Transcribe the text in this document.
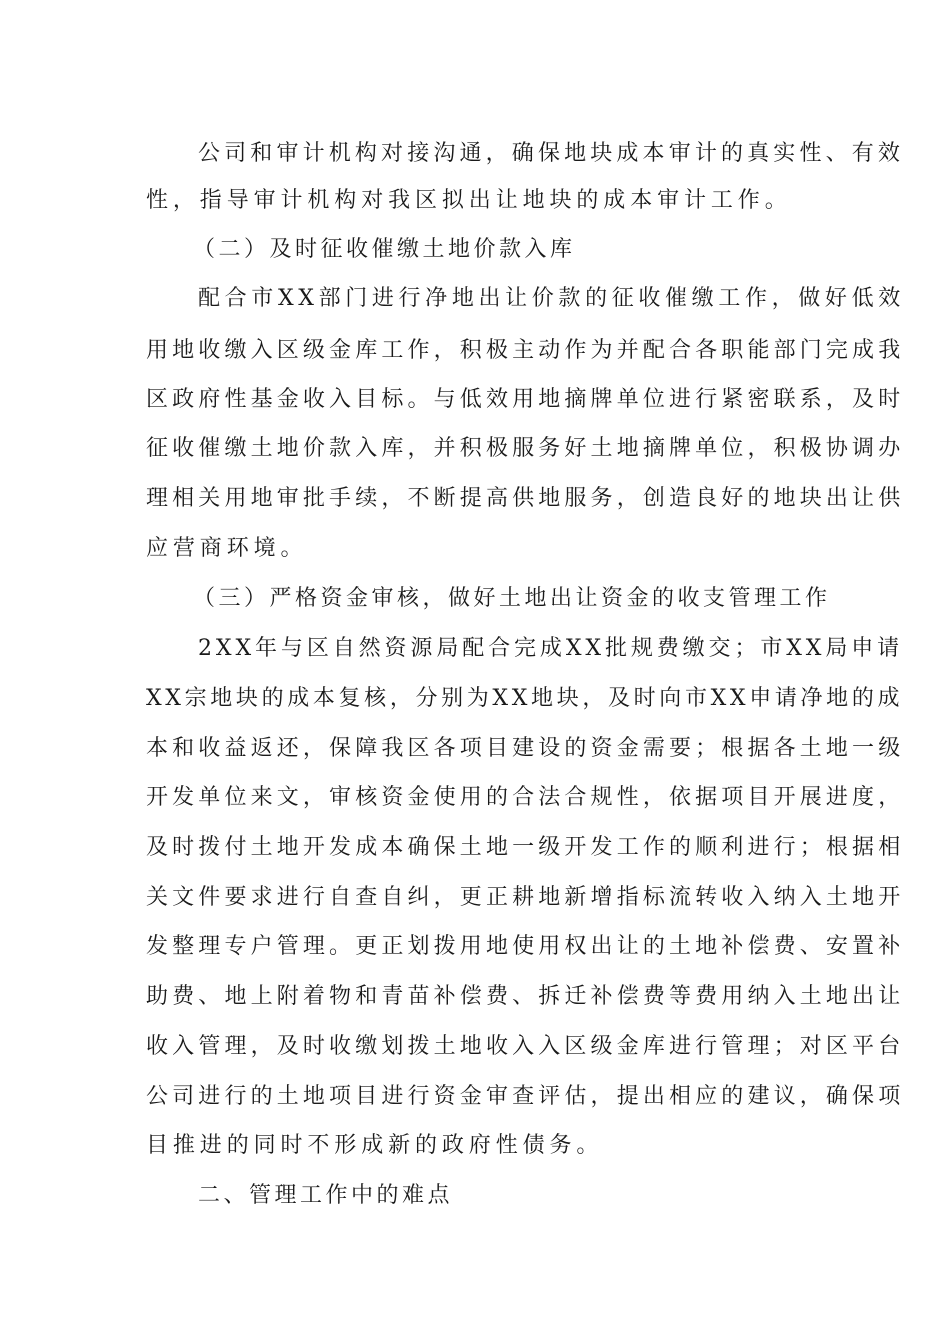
公司和审计机构对接沟通，确保地块成本审计的真实性、有效
性，指导审计机构对我区拟出让地块的成本审计工作。
（二）及时征收催缴土地价款入库
配合市XX部门进行净地出让价款的征收催缴工作，做好低效
用地收缴入区级金库工作，积极主动作为并配合各职能部门完成我
区政府性基金收入目标。与低效用地摘牌单位进行紧密联系，及时
征收催缴土地价款入库，并积极服务好土地摘牌单位，积极协调办
理相关用地审批手续，不断提高供地服务，创造良好的地块出让供
应营商环境。
（三）严格资金审核，做好土地出让资金的收支管理工作
2XX年与区自然资源局配合完成XX批规费缴交；市XX局申请
XX宗地块的成本复核，分别为XX地块，及时向市XX申请净地的成
本和收益返还，保障我区各项目建设的资金需要；根据各土地一级
开发单位来文，审核资金使用的合法合规性，依据项目开展进度，
及时拨付土地开发成本确保土地一级开发工作的顺利进行；根据相
关文件要求进行自查自纠，更正耕地新增指标流转收入纳入土地开
发整理专户管理。更正划拨用地使用权出让的土地补偿费、安置补
助费、地上附着物和青苗补偿费、拆迁补偿费等费用纳入土地出让
收入管理，及时收缴划拨土地收入入区级金库进行管理；对区平台
公司进行的土地项目进行资金审查评估，提出相应的建议，确保项
目推进的同时不形成新的政府性债务。
二、管理工作中的难点
